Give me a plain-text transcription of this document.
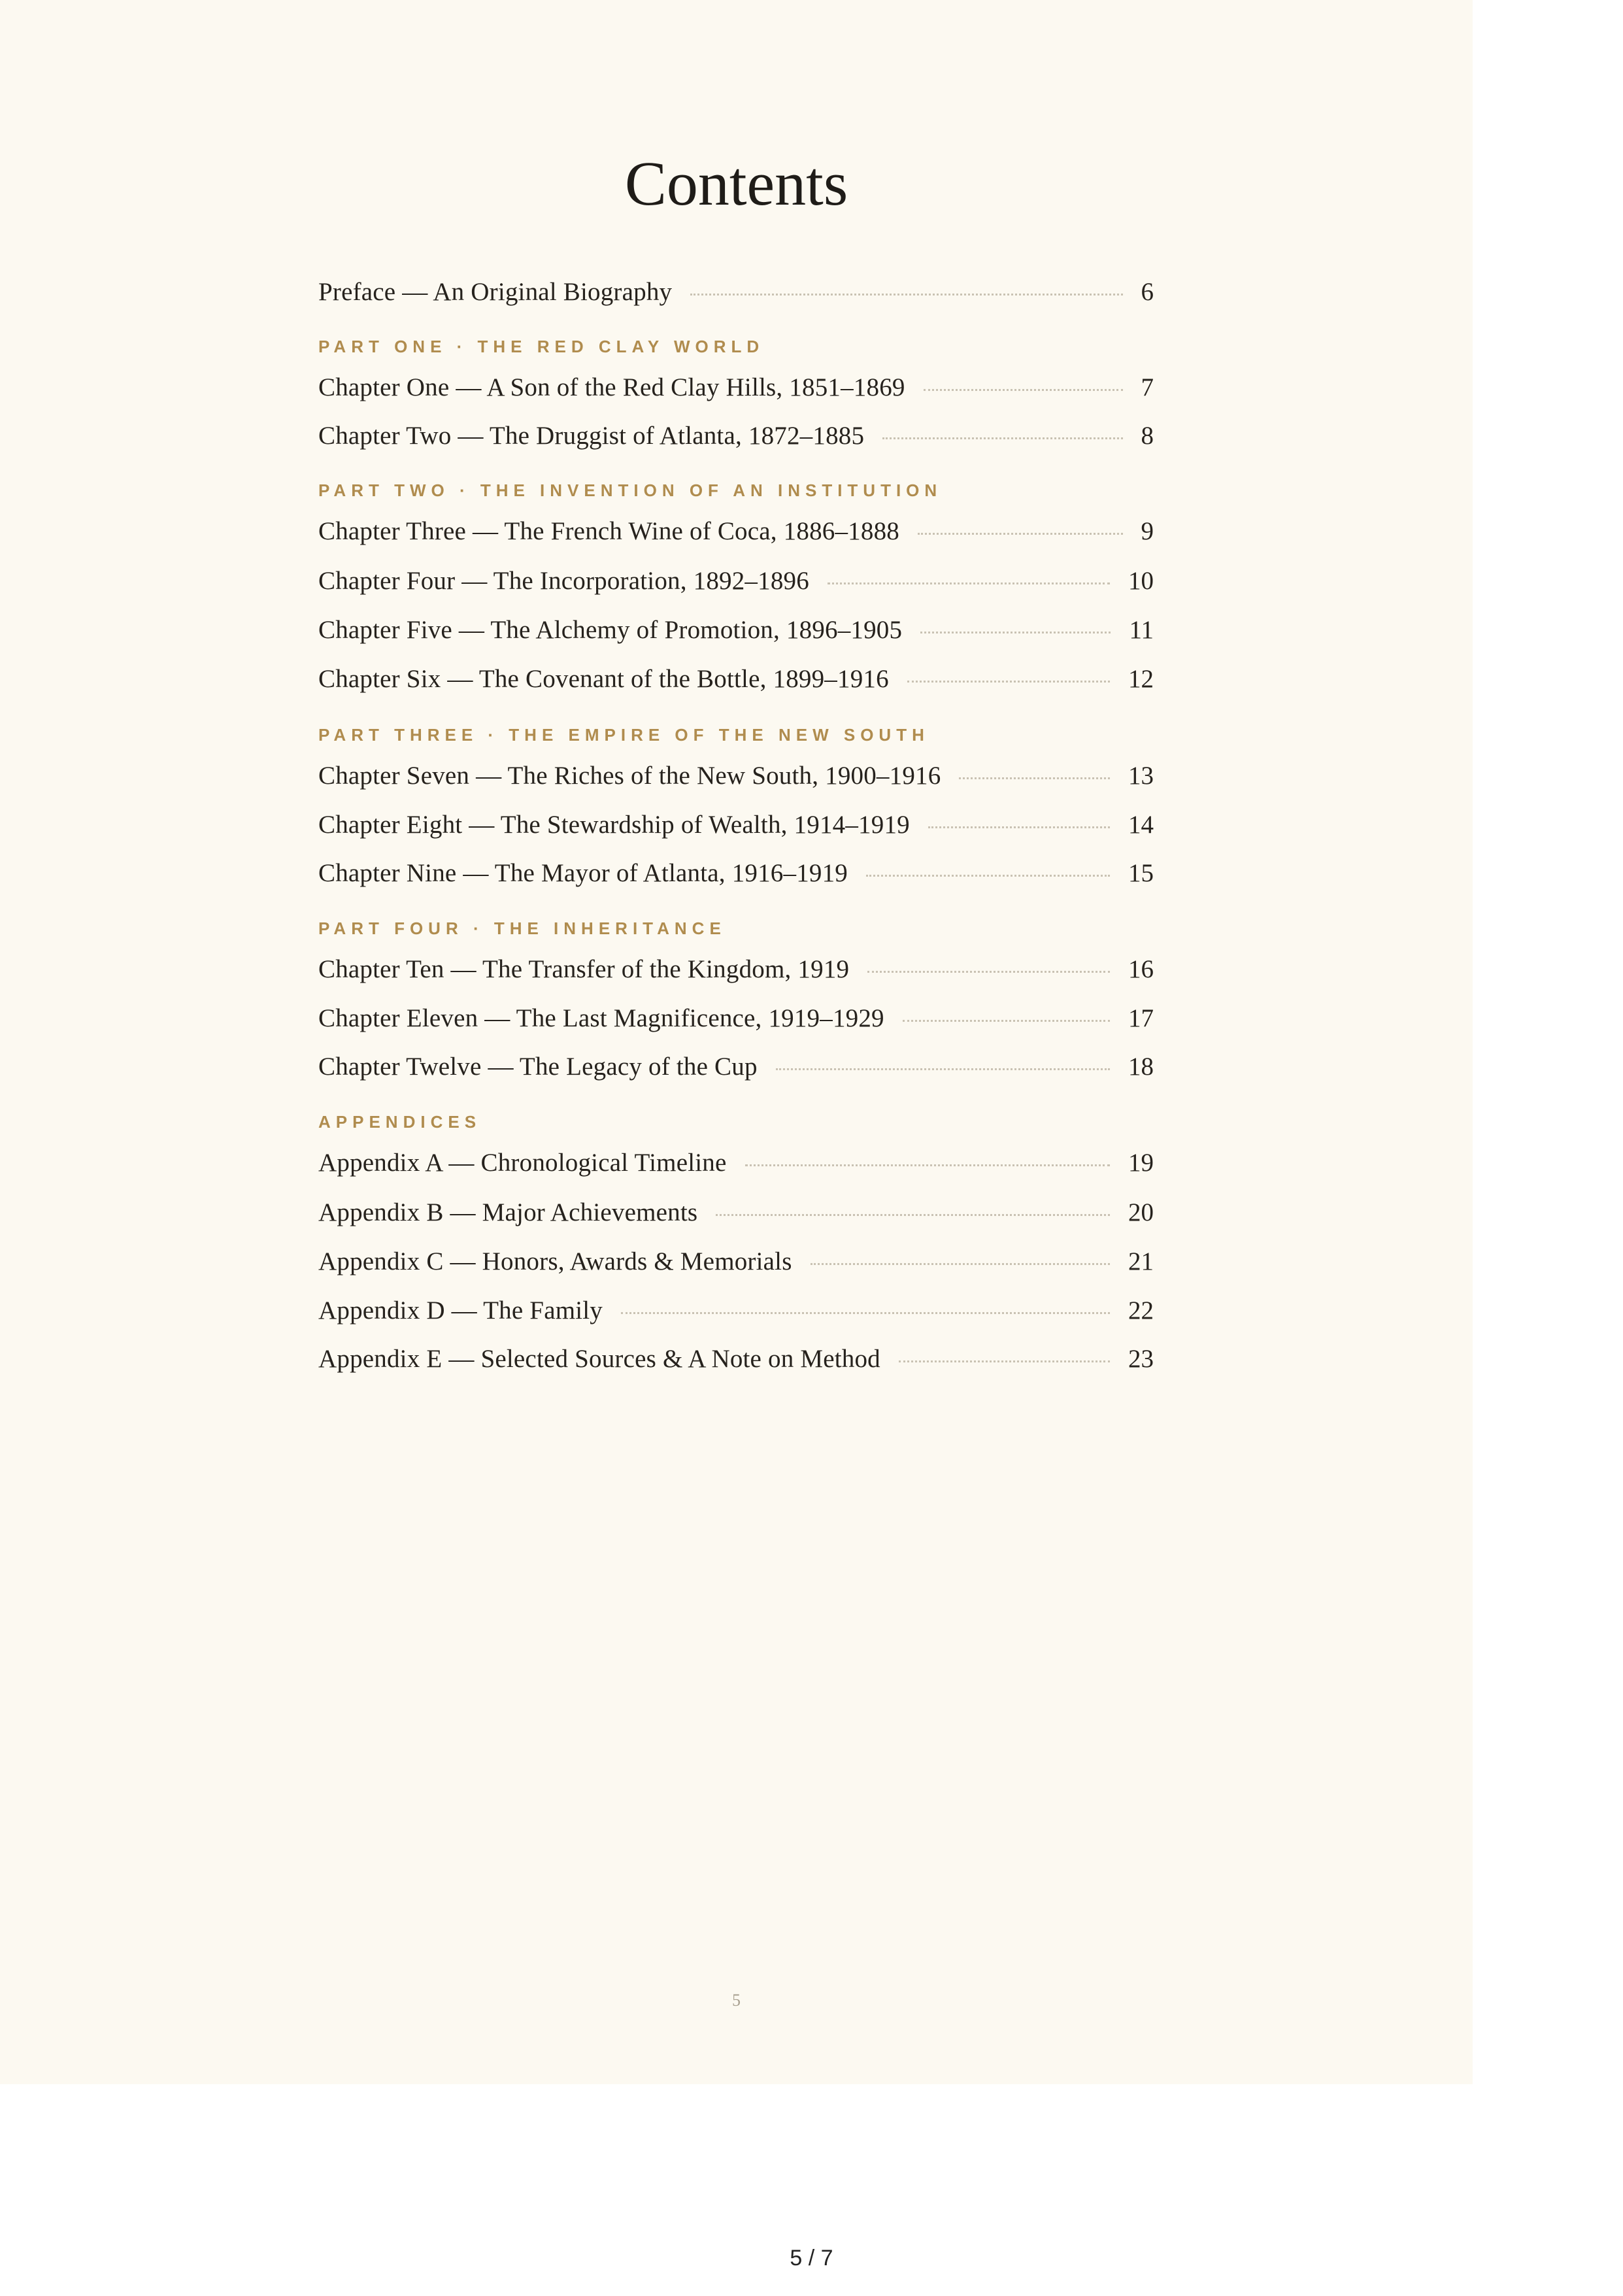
Contents
Preface — An Original Biography	6
PART ONE · THE RED CLAY WORLD
Chapter One — A Son of the Red Clay Hills, 1851–1869	7
Chapter Two — The Druggist of Atlanta, 1872–1885	8
PART TWO · THE INVENTION OF AN INSTITUTION
Chapter Three — The French Wine of Coca, 1886–1888	9
Chapter Four — The Incorporation, 1892–1896	10
Chapter Five — The Alchemy of Promotion, 1896–1905	11
Chapter Six — The Covenant of the Bottle, 1899–1916	12
PART THREE · THE EMPIRE OF THE NEW SOUTH
Chapter Seven — The Riches of the New South, 1900–1916	13
Chapter Eight — The Stewardship of Wealth, 1914–1919	14
Chapter Nine — The Mayor of Atlanta, 1916–1919	15
PART FOUR · THE INHERITANCE
Chapter Ten — The Transfer of the Kingdom, 1919	16
Chapter Eleven — The Last Magnificence, 1919–1929	17
Chapter Twelve — The Legacy of the Cup	18
APPENDICES
Appendix A — Chronological Timeline	19
Appendix B — Major Achievements	20
Appendix C — Honors, Awards & Memorials	21
Appendix D — The Family	22
Appendix E — Selected Sources & A Note on Method	23
5
5 / 7
